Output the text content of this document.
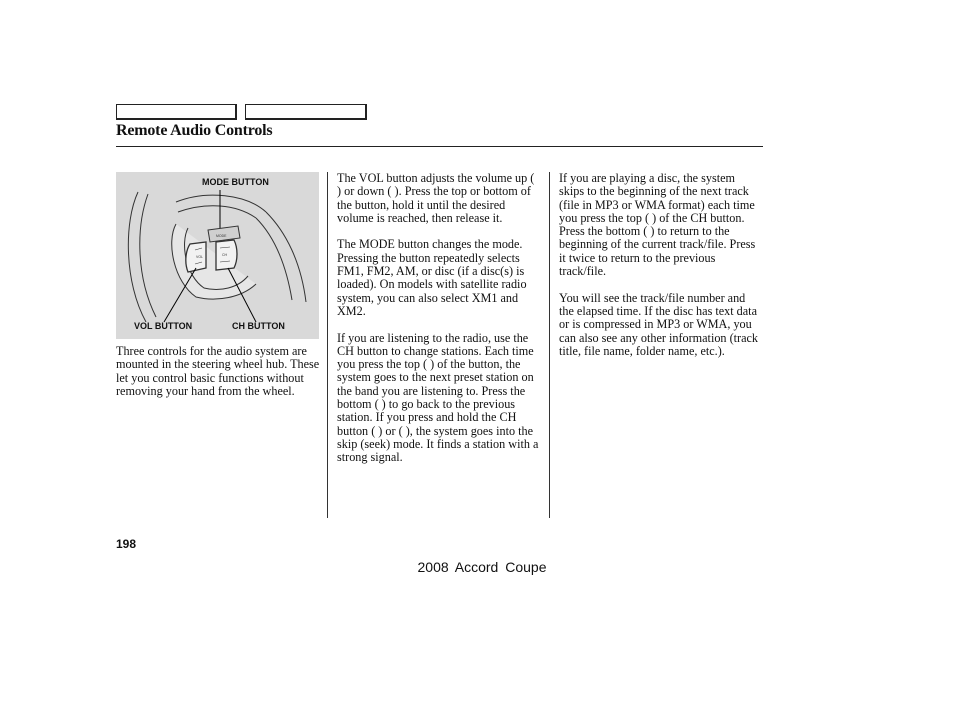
Remote Audio Controls
MODE
VOL	CH
MODE BUTTON
VOL BUTTON	CH BUTTON

Three controls for the audio system are mounted in the steering wheel hub. These let you control basic functions without removing your hand from the wheel.

The VOL button adjusts the volume up ( ) or down ( ). Press the top or bottom of the button, hold it until the desired volume is reached, then release it.

The MODE button changes the mode. Pressing the button repeatedly selects FM1, FM2, AM, or disc (if a disc(s) is loaded). On models with satellite radio system, you can also select XM1 and XM2.

If you are listening to the radio, use the CH button to change stations. Each time you press the top ( ) of the button, the system goes to the next preset station on the band you are listening to. Press the bottom ( ) to go back to the previous station. If you press and hold the CH button ( ) or ( ), the system goes into the skip (seek) mode. It finds a station with a strong signal.

If you are playing a disc, the system skips to the beginning of the next track (file in MP3 or WMA format) each time you press the top ( ) of the CH button. Press the bottom ( ) to return to the beginning of the current track/file. Press it twice to return to the previous track/file.

You will see the track/file number and the elapsed time. If the disc has text data or is compressed in MP3 or WMA, you can also see any other information (track title, file name, folder name, etc.).

198
2008 Accord Coupe
